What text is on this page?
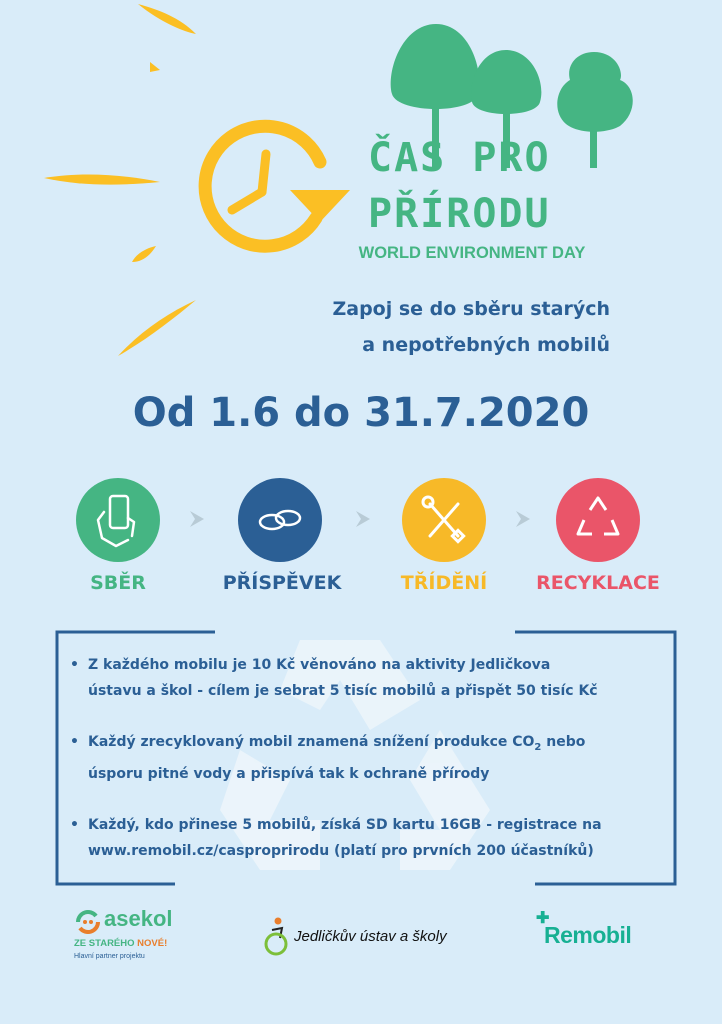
ČAS PRO
PŘÍRODU
WORLD ENVIRONMENT DAY
Zapoj se do sběru starých
a nepotřebných mobilů
Od 1.6 do 31.7.2020
SBĚR	PŘÍSPĚVEK	TŘÍDĚNÍ	RECYKLACE
• Z každého mobilu je 10 Kč věnováno na aktivity Jedličkova
ústavu a škol - cílem je sebrat 5 tisíc mobilů a přispět 50 tisíc Kč
• Každý zrecyklovaný mobil znamená snížení produkce $CO_2$ nebo
úsporu pitné vody a přispívá tak k ochraně přírody
• Každý, kdo přinese 5 mobilů, získá SD kartu 16GB - registrace na
www.remobil.cz/casproprirodu (platí pro prvních 200 účastníků)
asekol
ZE STARÉHO NOVÉ!
Hlavní partner projektu
Jedličkův ústav a školy
✚
Remobil
